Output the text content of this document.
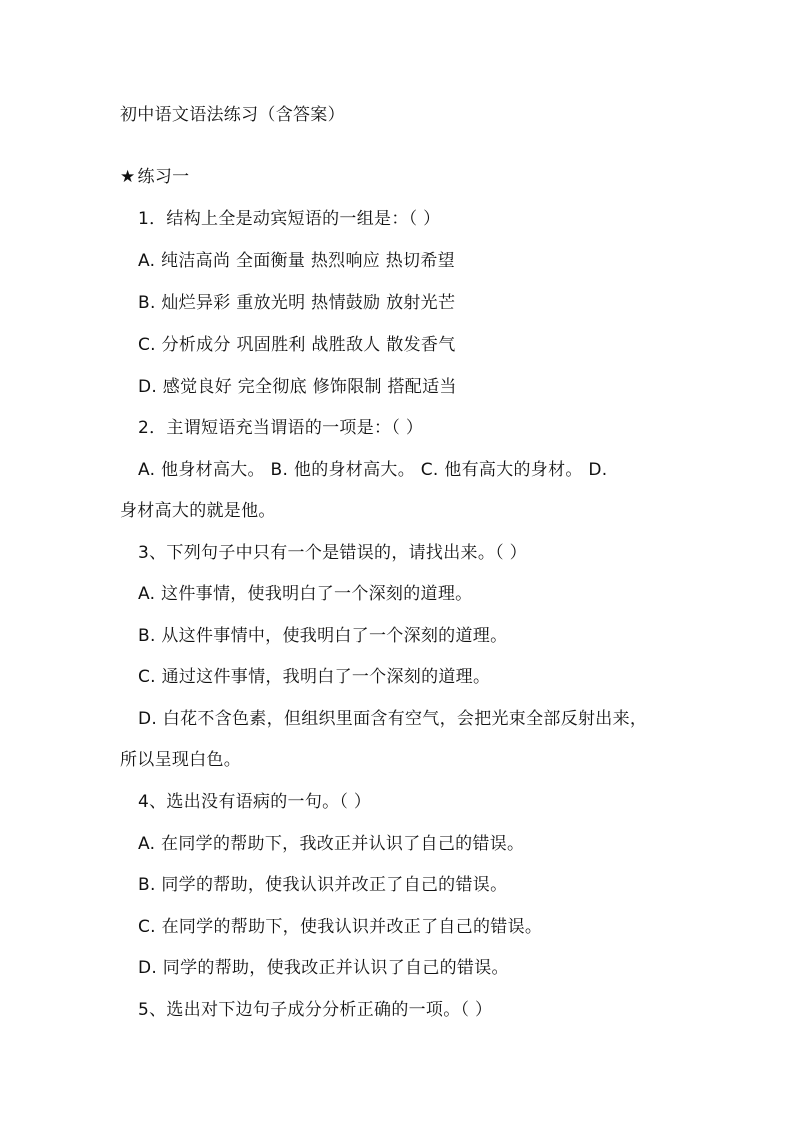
初中语文语法练习（含答案）
★ 练习一
1．结构上全是动宾短语的一组是：（ ）
A. 纯洁高尚 全面衡量 热烈响应 热切希望
B. 灿烂异彩 重放光明 热情鼓励 放射光芒
C. 分析成分 巩固胜利 战胜敌人 散发香气
D. 感觉良好 完全彻底 修饰限制 搭配适当
2．主谓短语充当谓语的一项是：（ ）
A. 他身材高大。 B. 他的身材高大。 C. 他有高大的身材。 D.
身材高大的就是他。
3、下列句子中只有一个是错误的，请找出来。（ ）
A. 这件事情，使我明白了一个深刻的道理。
B. 从这件事情中，使我明白了一个深刻的道理。
C. 通过这件事情，我明白了一个深刻的道理。
D. 白花不含色素，但组织里面含有空气，会把光束全部反射出来，
所以呈现白色。
4、选出没有语病的一句。（ ）
A. 在同学的帮助下，我改正并认识了自己的错误。
B. 同学的帮助，使我认识并改正了自己的错误。
C. 在同学的帮助下，使我认识并改正了自己的错误。
D. 同学的帮助，使我改正并认识了自己的错误。
5、选出对下边句子成分分析正确的一项。（ ）
